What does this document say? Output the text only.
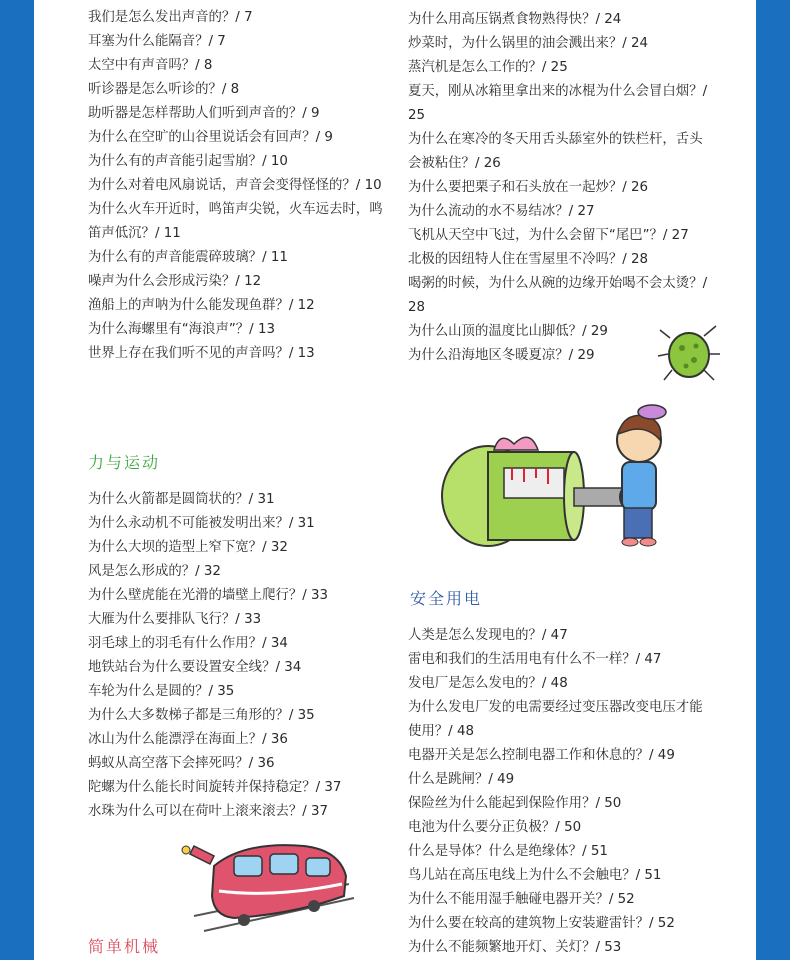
我们是怎么发出声音的？/ 7
耳塞为什么能隔音？/ 7
太空中有声音吗？/ 8
听诊器是怎么听诊的？/ 8
助听器是怎样帮助人们听到声音的？/ 9
为什么在空旷的山谷里说话会有回声？/ 9
为什么有的声音能引起雪崩？/ 10
为什么对着电风扇说话，声音会变得怪怪的？/ 10
为什么火车开近时，鸣笛声尖锐，火车远去时，鸣笛声低沉？/ 11
为什么有的声音能震碎玻璃？/ 11
噪声为什么会形成污染？/ 12
渔船上的声呐为什么能发现鱼群？/ 12
为什么海螺里有“海浪声”？/ 13
世界上存在我们听不见的声音吗？/ 13
力与运动
为什么火箭都是圆筒状的？/ 31
为什么永动机不可能被发明出来？/ 31
为什么大坝的造型上窄下宽？/ 32
风是怎么形成的？/ 32
为什么壁虎能在光滑的墙壁上爬行？/ 33
大雁为什么要排队飞行？/ 33
羽毛球上的羽毛有什么作用？/ 34
地铁站台为什么要设置安全线？/ 34
车轮为什么是圆的？/ 35
为什么大多数梯子都是三角形的？/ 35
冰山为什么能漂浮在海面上？/ 36
蚂蚁从高空落下会摔死吗？/ 36
陀螺为什么能长时间旋转并保持稳定？/ 37
水珠为什么可以在荷叶上滚来滚去？/ 37
简单机械
为什么用高压锅煮食物熟得快？/ 24
炒菜时，为什么锅里的油会溅出来？/ 24
蒸汽机是怎么工作的？/ 25
夏天，刚从冰箱里拿出来的冰棍为什么会冒白烟？/ 25
为什么在寒冷的冬天用舌头舔室外的铁栏杆，舌头会被粘住？/ 26
为什么要把栗子和石头放在一起炒？/ 26
为什么流动的水不易结冰？/ 27
飞机从天空中飞过，为什么会留下“尾巴”？/ 27
北极的因纽特人住在雪屋里不冷吗？/ 28
喝粥的时候，为什么从碗的边缘开始喝不会太烫？/ 28
为什么山顶的温度比山脚低？/ 29
为什么沿海地区冬暖夏凉？/ 29
安全用电
人类是怎么发现电的？/ 47
雷电和我们的生活用电有什么不一样？/ 47
发电厂是怎么发电的？/ 48
为什么发电厂发的电需要经过变压器改变电压才能使用？/ 48
电器开关是怎么控制电器工作和休息的？/ 49
什么是跳闸？/ 49
保险丝为什么能起到保险作用？/ 50
电池为什么要分正负极？/ 50
什么是导体？什么是绝缘体？/ 51
鸟儿站在高压电线上为什么不会触电？/ 51
为什么不能用湿手触碰电器开关？/ 52
为什么要在较高的建筑物上安装避雷针？/ 52
为什么不能频繁地开灯、关灯？/ 53
